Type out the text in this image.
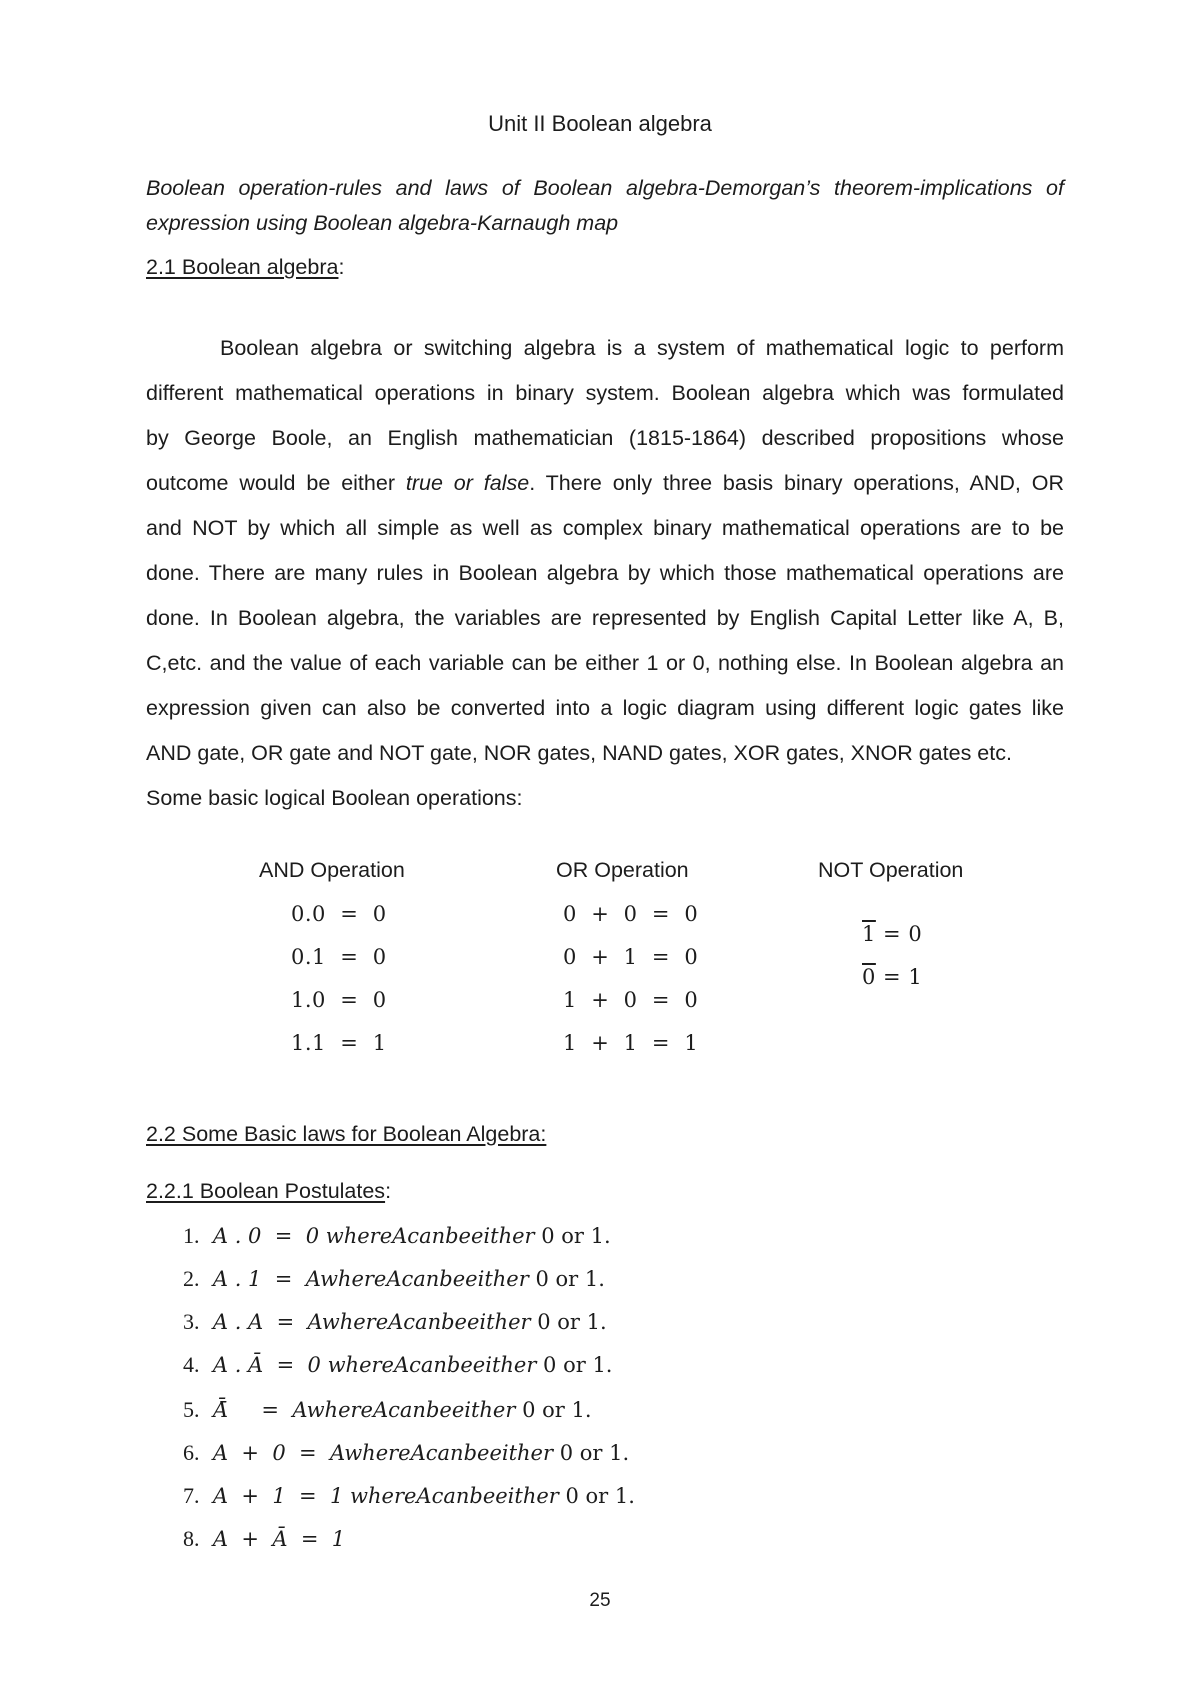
Unit II Boolean algebra
Boolean operation-rules and laws of Boolean algebra-Demorgan’s theorem-implications of expression using Boolean algebra-Karnaugh map
2.1 Boolean algebra:
Boolean algebra or switching algebra is a system of mathematical logic to perform
different mathematical operations in binary system. Boolean algebra which was formulated
by George Boole, an English mathematician (1815-1864) described propositions whose
outcome would be either true or false. There only three basis binary operations, AND, OR
and NOT by which all simple as well as complex binary mathematical operations are to be
done. There are many rules in Boolean algebra by which those mathematical operations are
done. In Boolean algebra, the variables are represented by English Capital Letter like A, B,
C,etc. and the value of each variable can be either 1 or 0, nothing else. In Boolean algebra an
expression given can also be converted into a logic diagram using different logic gates like
AND gate, OR gate and NOT gate, NOR gates, NAND gates, XOR gates, XNOR gates etc.
Some basic logical Boolean operations:
AND Operation
0.0  =  0
0.1  =  0
1.0  =  0
1.1  =  1
OR Operation
0  +  0  =  0
0  +  1  =  0
1  +  0  =  0
1  +  1  =  1
NOT Operation
1 = 0
0 = 1
2.2 Some Basic laws for Boolean Algebra:
2.2.1 Boolean Postulates:
1. A . 0  =  0 whereAcanbeeither 0 or 1.
2. A . 1  =  AwhereAcanbeeither 0 or 1.
3. A . A  =  AwhereAcanbeeither 0 or 1.
4. A . Ā  =  0 whereAcanbeeither 0 or 1.
5. Ā̄     =  AwhereAcanbeeither 0 or 1.
6. A  +  0  =  AwhereAcanbeeither 0 or 1.
7. A  +  1  =  1 whereAcanbeeither 0 or 1.
8. A  +  Ā  =  1
25
